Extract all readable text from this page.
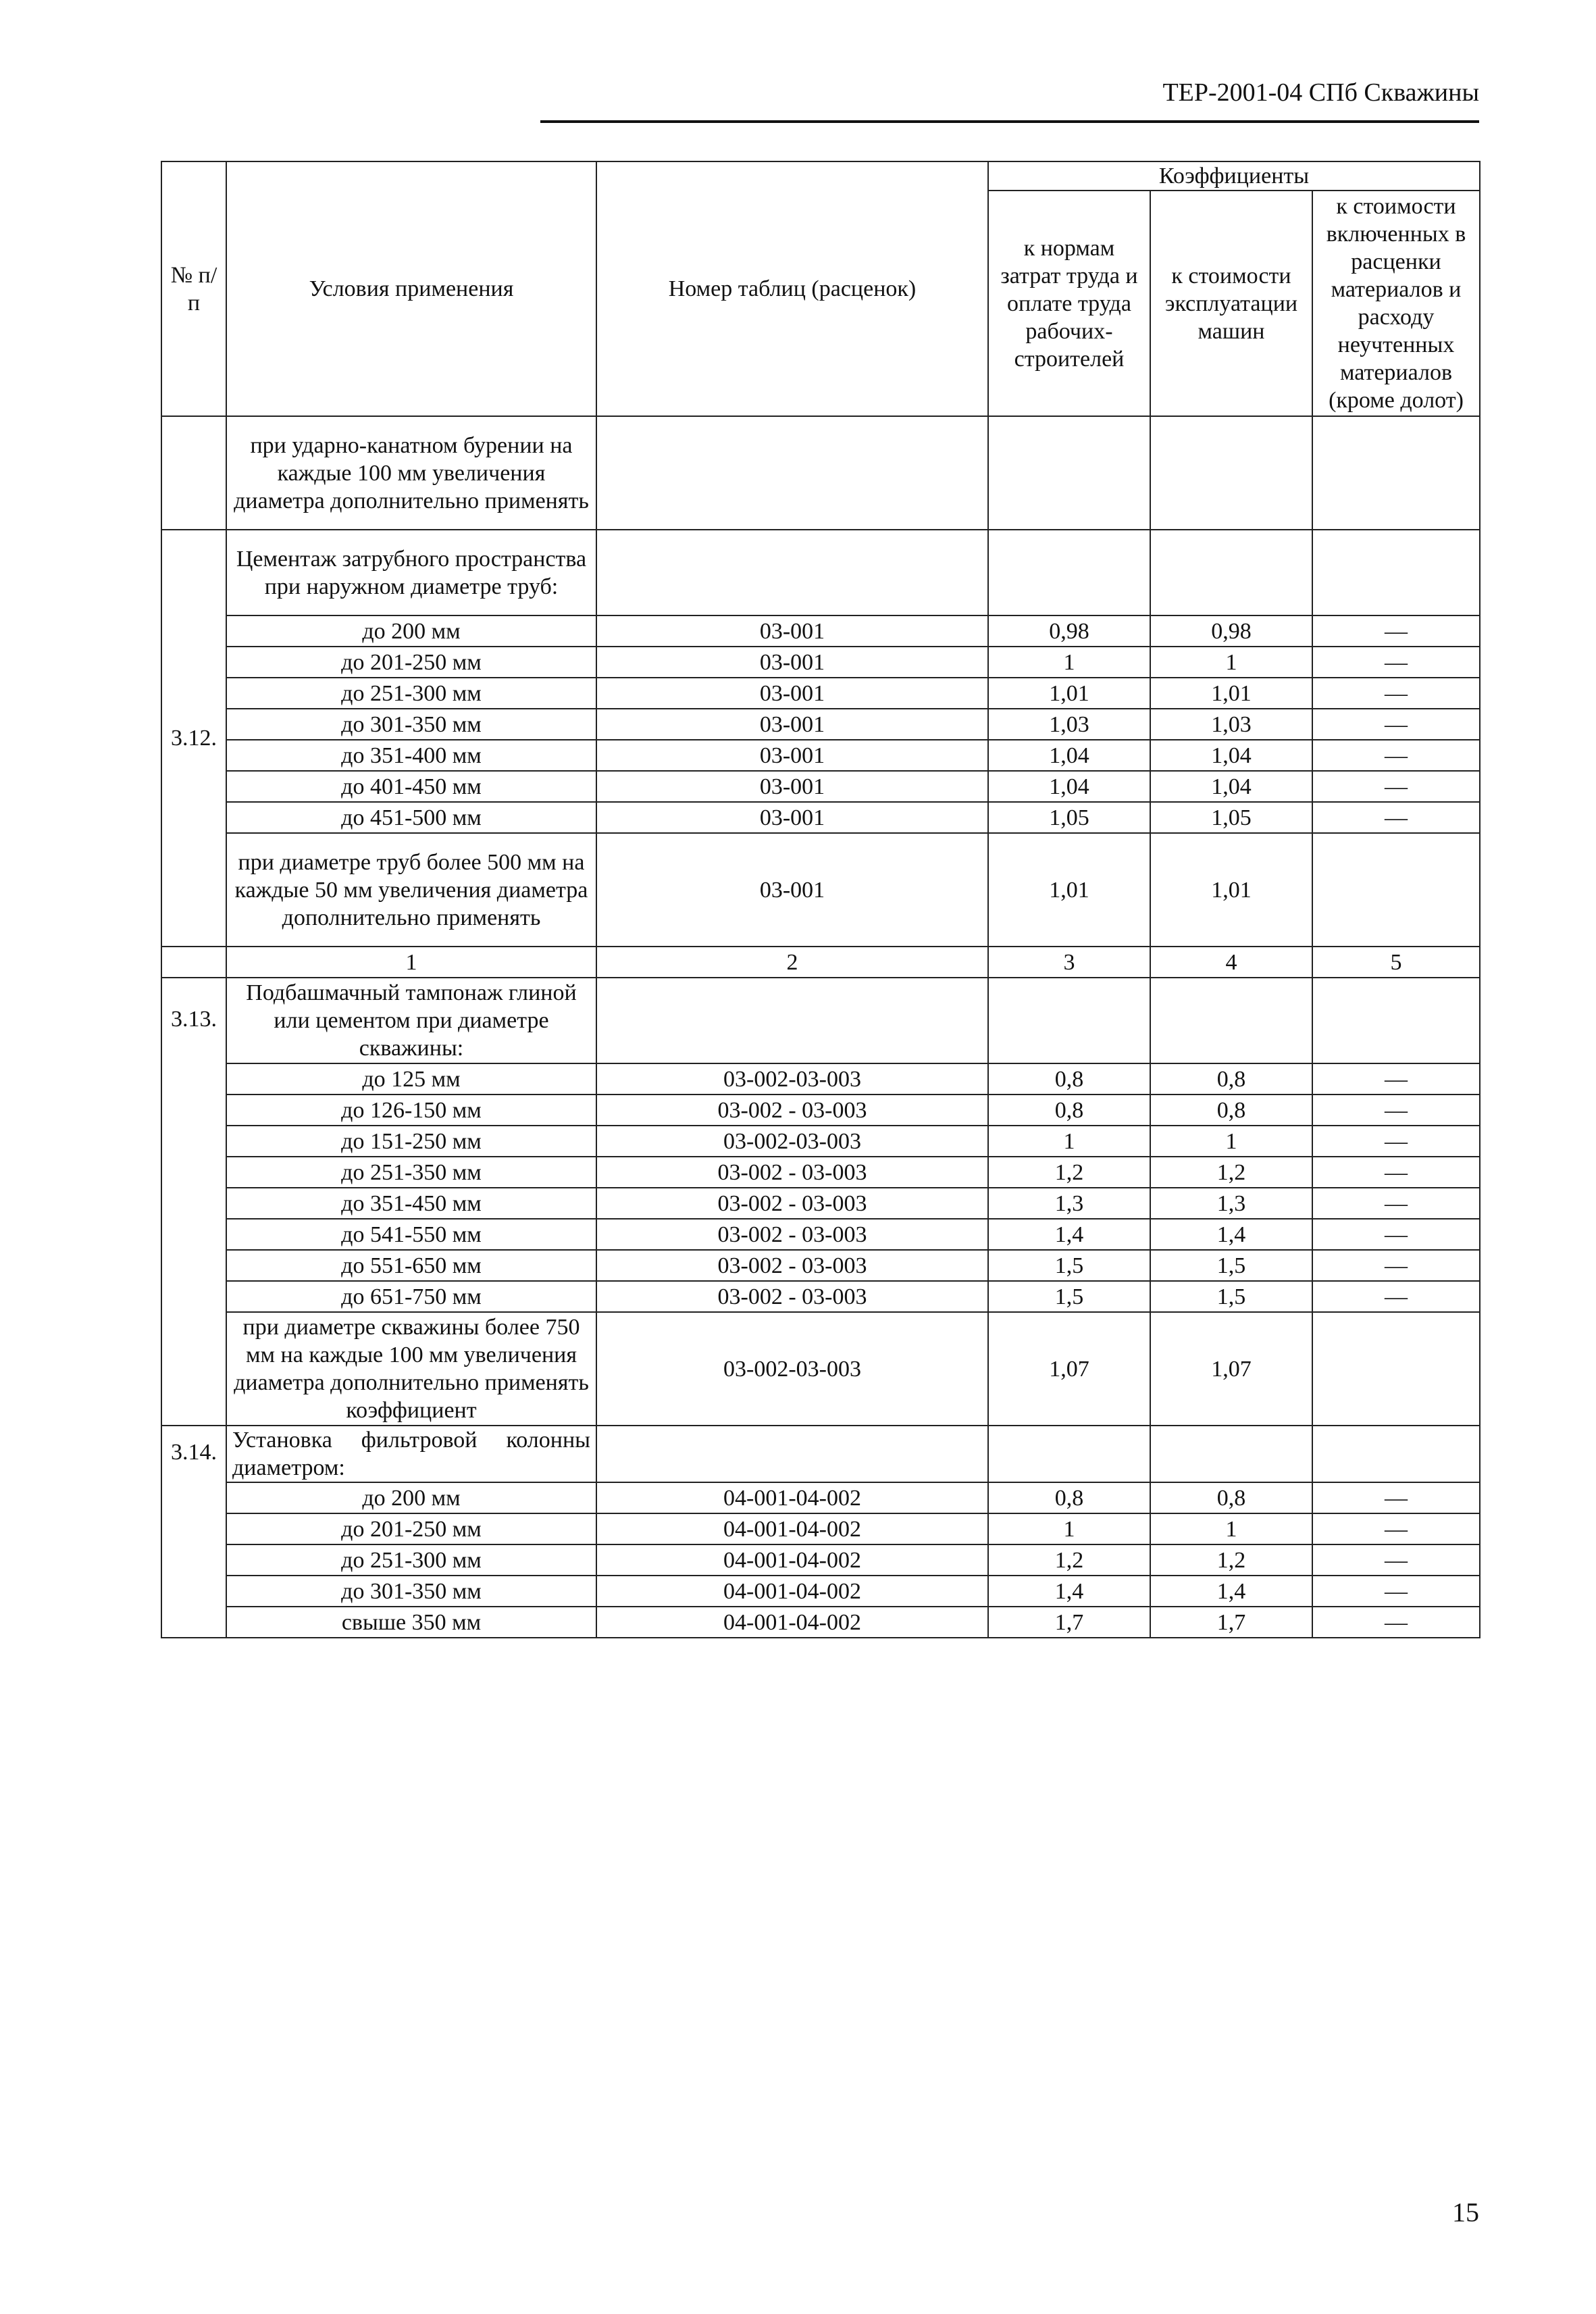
ТЕР-2001-04 СПб Скважины
№ п/п	Условия применения	Номер таблиц (расценок)	Коэффициенты		
			к нормам затрат труда и оплате труда рабочих-строителей	к стоимости эксплуатации машин	к стоимости включенных в расценки материалов и расходу неучтенных материалов (кроме долот)
	при ударно-канатном бурении на каждые 100 мм увеличения диаметра дополнительно применять				
3.12.	Цементаж затрубного пространства при наружном диаметре труб:				
	до 200 мм	03-001	0,98	0,98	—
	до 201-250 мм	03-001	1	1	—
	до 251-300 мм	03-001	1,01	1,01	—
	до 301-350 мм	03-001	1,03	1,03	—
	до 351-400 мм	03-001	1,04	1,04	—
	до 401-450 мм	03-001	1,04	1,04	—
	до 451-500 мм	03-001	1,05	1,05	—
	при диаметре труб более 500 мм на каждые 50 мм увеличения диаметра дополнительно применять	03-001	1,01	1,01	
	1	2	3	4	5
3.13.	Подбашмачный тампонаж глиной или цементом при диаметре скважины:				
	до 125 мм	03-002-03-003	0,8	0,8	—
	до 126-150 мм	03-002 - 03-003	0,8	0,8	—
	до 151-250 мм	03-002-03-003	1	1	—
	до 251-350 мм	03-002 - 03-003	1,2	1,2	—
	до 351-450 мм	03-002 - 03-003	1,3	1,3	—
	до 541-550 мм	03-002 - 03-003	1,4	1,4	—
	до 551-650 мм	03-002 - 03-003	1,5	1,5	—
	до 651-750 мм	03-002 - 03-003	1,5	1,5	—
	при диаметре скважины более 750 мм на каждые 100 мм увеличения диаметра дополнительно применять коэффициент	03-002-03-003	1,07	1,07	
3.14.	Установка фильтровой колонны диаметром:				
	до 200 мм	04-001-04-002	0,8	0,8	—
	до 201-250 мм	04-001-04-002	1	1	—
	до 251-300 мм	04-001-04-002	1,2	1,2	—
	до 301-350 мм	04-001-04-002	1,4	1,4	—
	свыше 350 мм	04-001-04-002	1,7	1,7	—
15
